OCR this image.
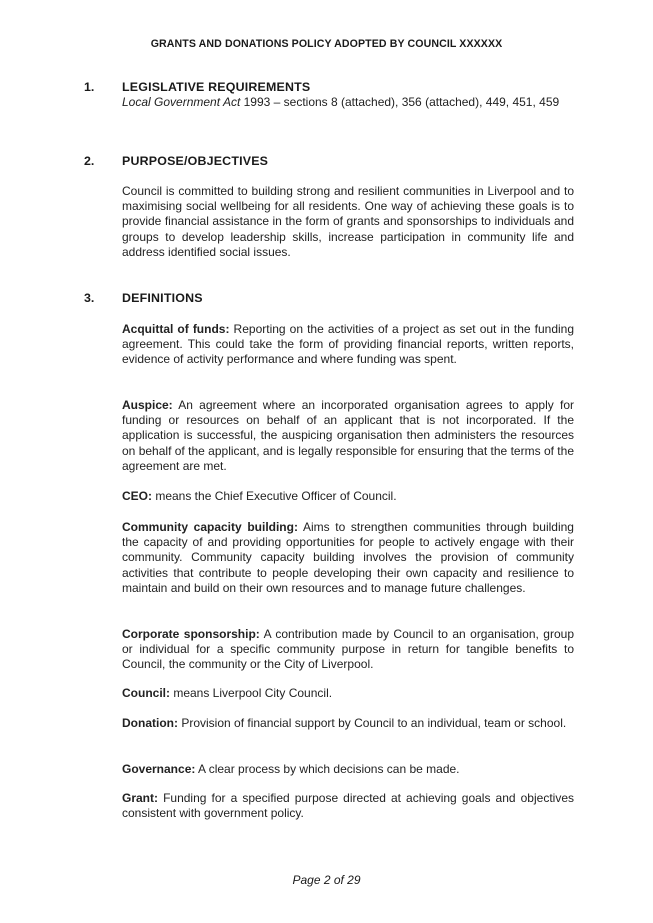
GRANTS AND DONATIONS POLICY ADOPTED BY COUNCIL XXXXXX
1.	LEGISLATIVE REQUIREMENTS
Local Government Act 1993 – sections 8 (attached), 356 (attached), 449, 451, 459
2.	PURPOSE/OBJECTIVES
Council is committed to building strong and resilient communities in Liverpool and to maximising social wellbeing for all residents. One way of achieving these goals is to provide financial assistance in the form of grants and sponsorships to individuals and groups to develop leadership skills, increase participation in community life and address identified social issues.
3.	DEFINITIONS
Acquittal of funds: Reporting on the activities of a project as set out in the funding agreement. This could take the form of providing financial reports, written reports, evidence of activity performance and where funding was spent.
Auspice: An agreement where an incorporated organisation agrees to apply for funding or resources on behalf of an applicant that is not incorporated. If the application is successful, the auspicing organisation then administers the resources on behalf of the applicant, and is legally responsible for ensuring that the terms of the agreement are met.
CEO: means the Chief Executive Officer of Council.
Community capacity building: Aims to strengthen communities through building the capacity of and providing opportunities for people to actively engage with their community. Community capacity building involves the provision of community activities that contribute to people developing their own capacity and resilience to maintain and build on their own resources and to manage future challenges.
Corporate sponsorship: A contribution made by Council to an organisation, group or individual for a specific community purpose in return for tangible benefits to Council, the community or the City of Liverpool.
Council: means Liverpool City Council.
Donation: Provision of financial support by Council to an individual, team or school.
Governance: A clear process by which decisions can be made.
Grant: Funding for a specified purpose directed at achieving goals and objectives consistent with government policy.
Page 2 of 29
